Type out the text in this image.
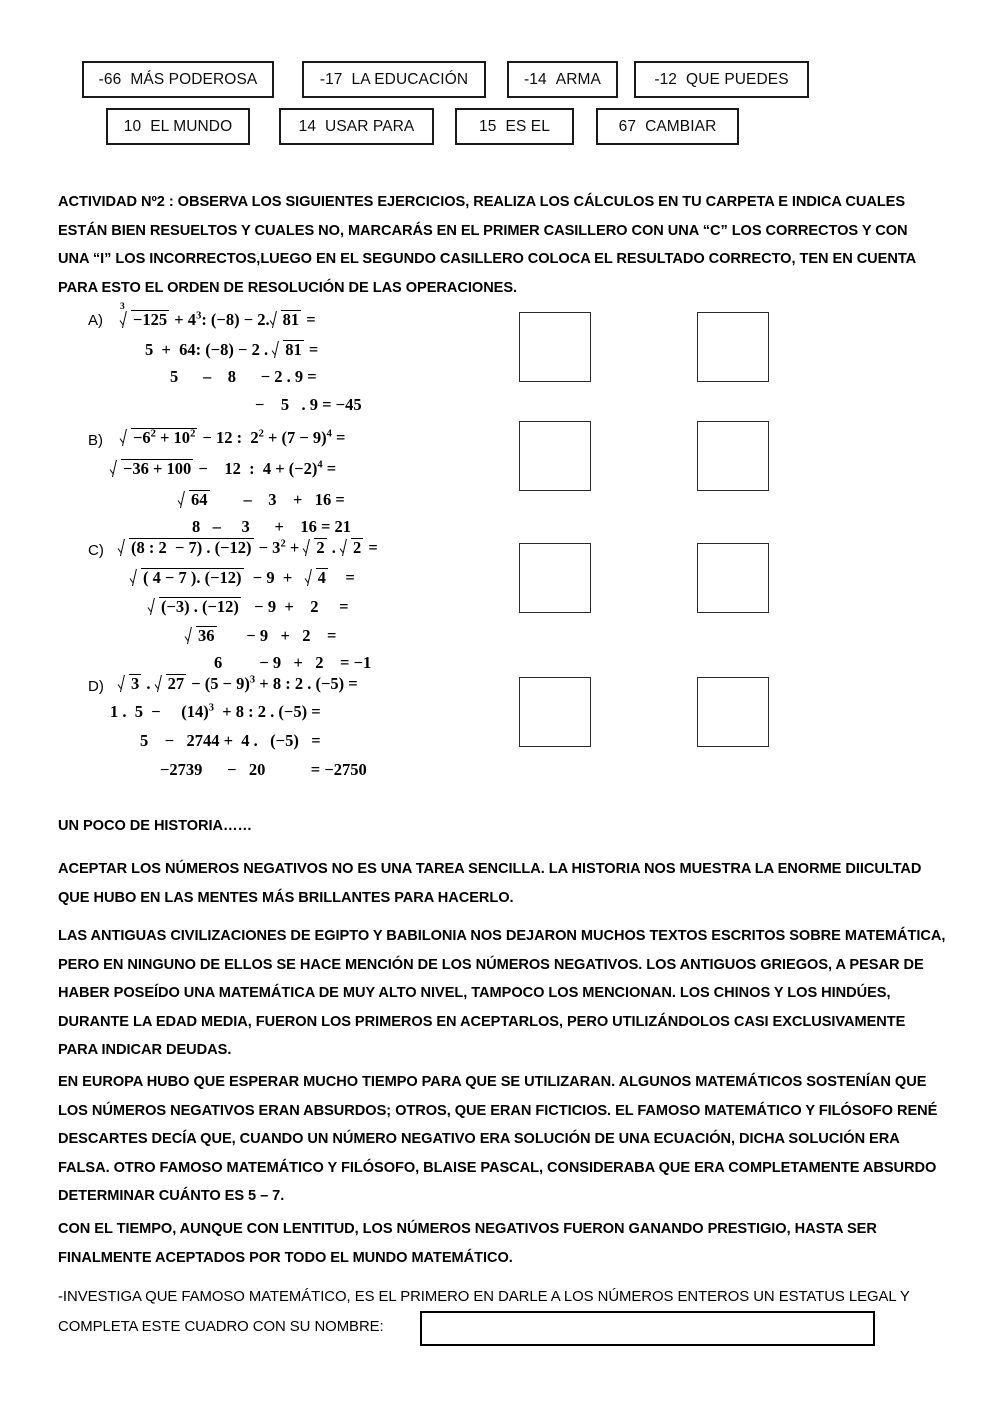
-66 MÁS PODEROSA	-17 LA EDUCACIÓN	-14 ARMA	-12 QUE PUEDES
10 EL MUNDO	14 USAR PARA	15 ES EL	67 CAMBIAR
ACTIVIDAD Nº2 : OBSERVA LOS SIGUIENTES EJERCICIOS, REALIZA LOS CÁLCULOS EN TU CARPETA E INDICA CUALES ESTÁN BIEN RESUELTOS Y CUALES NO, MARCARÁS EN EL PRIMER CASILLERO CON UNA “C” LOS CORRECTOS Y CON UNA “I” LOS INCORRECTOS,LUEGO EN EL SEGUNDO CASILLERO COLOCA EL RESULTADO CORRECTO, TEN EN CUENTA PARA ESTO EL ORDEN DE RESOLUCIÓN DE LAS OPERACIONES.
A)
3
$-125 + 4^3$: (−8) − 2. 81 =
5  +  64: (−8) − 2 . 81 =
5      –    8      − 2 . 9 =
−    5   . 9 = −45
B)	$-6^2 + 10^2 - 12$ :  $2^2 + (7 - 9)^4$ =
−36 + 100 −    12  :  $4 + (-2)^4$ =
64        –    3    +   16 =
8   –     3      +    16 = 21
C)	(8 : 2  − 7) . $(-12) - 3^2 + 2$ . 2 =
( 4 − 7 ). (−12)  − 9  +   4    =
(−3) . (−12)   − 9  +    2     =
36       − 9   +   2    =
6         − 9   +   2    = −1
D)	3 . $27 - (5 - 9)^3 + 8$ : 2 . (−5) =
1 .  5  −     $(14)^3 + 8$ : 2 . (−5) =
5    −   2744 +  4 .   (−5)   =
−2739      −   20           = −2750
UN POCO DE HISTORIA……
ACEPTAR LOS NÚMEROS NEGATIVOS NO ES UNA TAREA SENCILLA. LA HISTORIA NOS MUESTRA LA ENORME DIICULTAD QUE HUBO EN LAS MENTES MÁS BRILLANTES PARA HACERLO.
LAS ANTIGUAS CIVILIZACIONES DE EGIPTO Y BABILONIA NOS DEJARON MUCHOS TEXTOS ESCRITOS SOBRE MATEMÁTICA, PERO EN NINGUNO DE ELLOS SE HACE MENCIÓN DE LOS NÚMEROS NEGATIVOS. LOS ANTIGUOS GRIEGOS, A PESAR DE HABER POSEÍDO UNA MATEMÁTICA DE MUY ALTO NIVEL, TAMPOCO LOS MENCIONAN. LOS CHINOS Y LOS HINDÚES, DURANTE LA EDAD MEDIA, FUERON LOS PRIMEROS EN ACEPTARLOS, PERO UTILIZÁNDOLOS CASI EXCLUSIVAMENTE PARA INDICAR DEUDAS.
EN EUROPA HUBO QUE ESPERAR MUCHO TIEMPO PARA QUE SE UTILIZARAN. ALGUNOS MATEMÁTICOS SOSTENÍAN QUE LOS NÚMEROS NEGATIVOS ERAN ABSURDOS; OTROS, QUE ERAN FICTICIOS. EL FAMOSO MATEMÁTICO Y FILÓSOFO RENÉ DESCARTES DECÍA QUE, CUANDO UN NÚMERO NEGATIVO ERA SOLUCIÓN DE UNA ECUACIÓN, DICHA SOLUCIÓN ERA FALSA. OTRO FAMOSO MATEMÁTICO Y FILÓSOFO, BLAISE PASCAL, CONSIDERABA QUE ERA COMPLETAMENTE ABSURDO DETERMINAR CUÁNTO ES 5 – 7.
CON EL TIEMPO, AUNQUE CON LENTITUD, LOS NÚMEROS NEGATIVOS FUERON GANANDO PRESTIGIO, HASTA SER FINALMENTE ACEPTADOS POR TODO EL MUNDO MATEMÁTICO.
-INVESTIGA QUE FAMOSO MATEMÁTICO, ES EL PRIMERO EN DARLE A LOS NÚMEROS ENTEROS UN ESTATUS LEGAL Y COMPLETA ESTE CUADRO CON SU NOMBRE:
